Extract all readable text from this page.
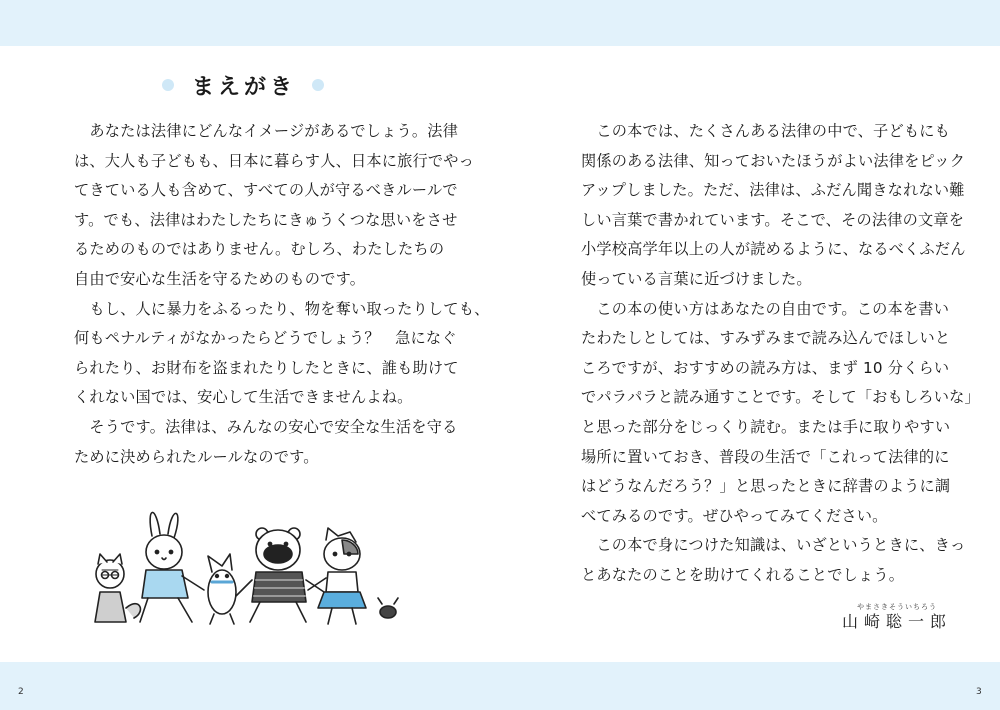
まえがき
　あなたは法律にどんなイメージがあるでしょう。法律
は、大人も子どもも、日本に暮らす人、日本に旅行でやっ
てきている人も含めて、すべての人が守るべきルールで
す。でも、法律はわたしたちにきゅうくつな思いをさせ
るためのものではありません。むしろ、わたしたちの
自由で安心な生活を守るためのものです。
　もし、人に暴力をふるったり、物を奪い取ったりしても、
何もペナルティがなかったらどうでしょう？　急になぐ
られたり、お財布を盗まれたりしたときに、誰も助けて
くれない国では、安心して生活できませんよね。
　そうです。法律は、みんなの安心で安全な生活を守る
ために決められたルールなのです。
　この本では、たくさんある法律の中で、子どもにも
関係のある法律、知っておいたほうがよい法律をピック
アップしました。ただ、法律は、ふだん聞きなれない難
しい言葉で書かれています。そこで、その法律の文章を
小学校高学年以上の人が読めるように、なるべくふだん
使っている言葉に近づけました。
　この本の使い方はあなたの自由です。この本を書い
たわたしとしては、すみずみまで読み込んでほしいと
ころですが、おすすめの読み方は、まず 10 分くらい
でパラパラと読み通すことです。そして「おもしろいな」
と思った部分をじっくり読む。または手に取りやすい
場所に置いておき、普段の生活で「これって法律的に
はどうなんだろう？」と思ったときに辞書のように調
べてみるのです。ぜひやってみてください。
　この本で身につけた知識は、いざというときに、きっ
とあなたのことを助けてくれることでしょう。
やまさきそういちろう
山崎聡一郎
2	3
